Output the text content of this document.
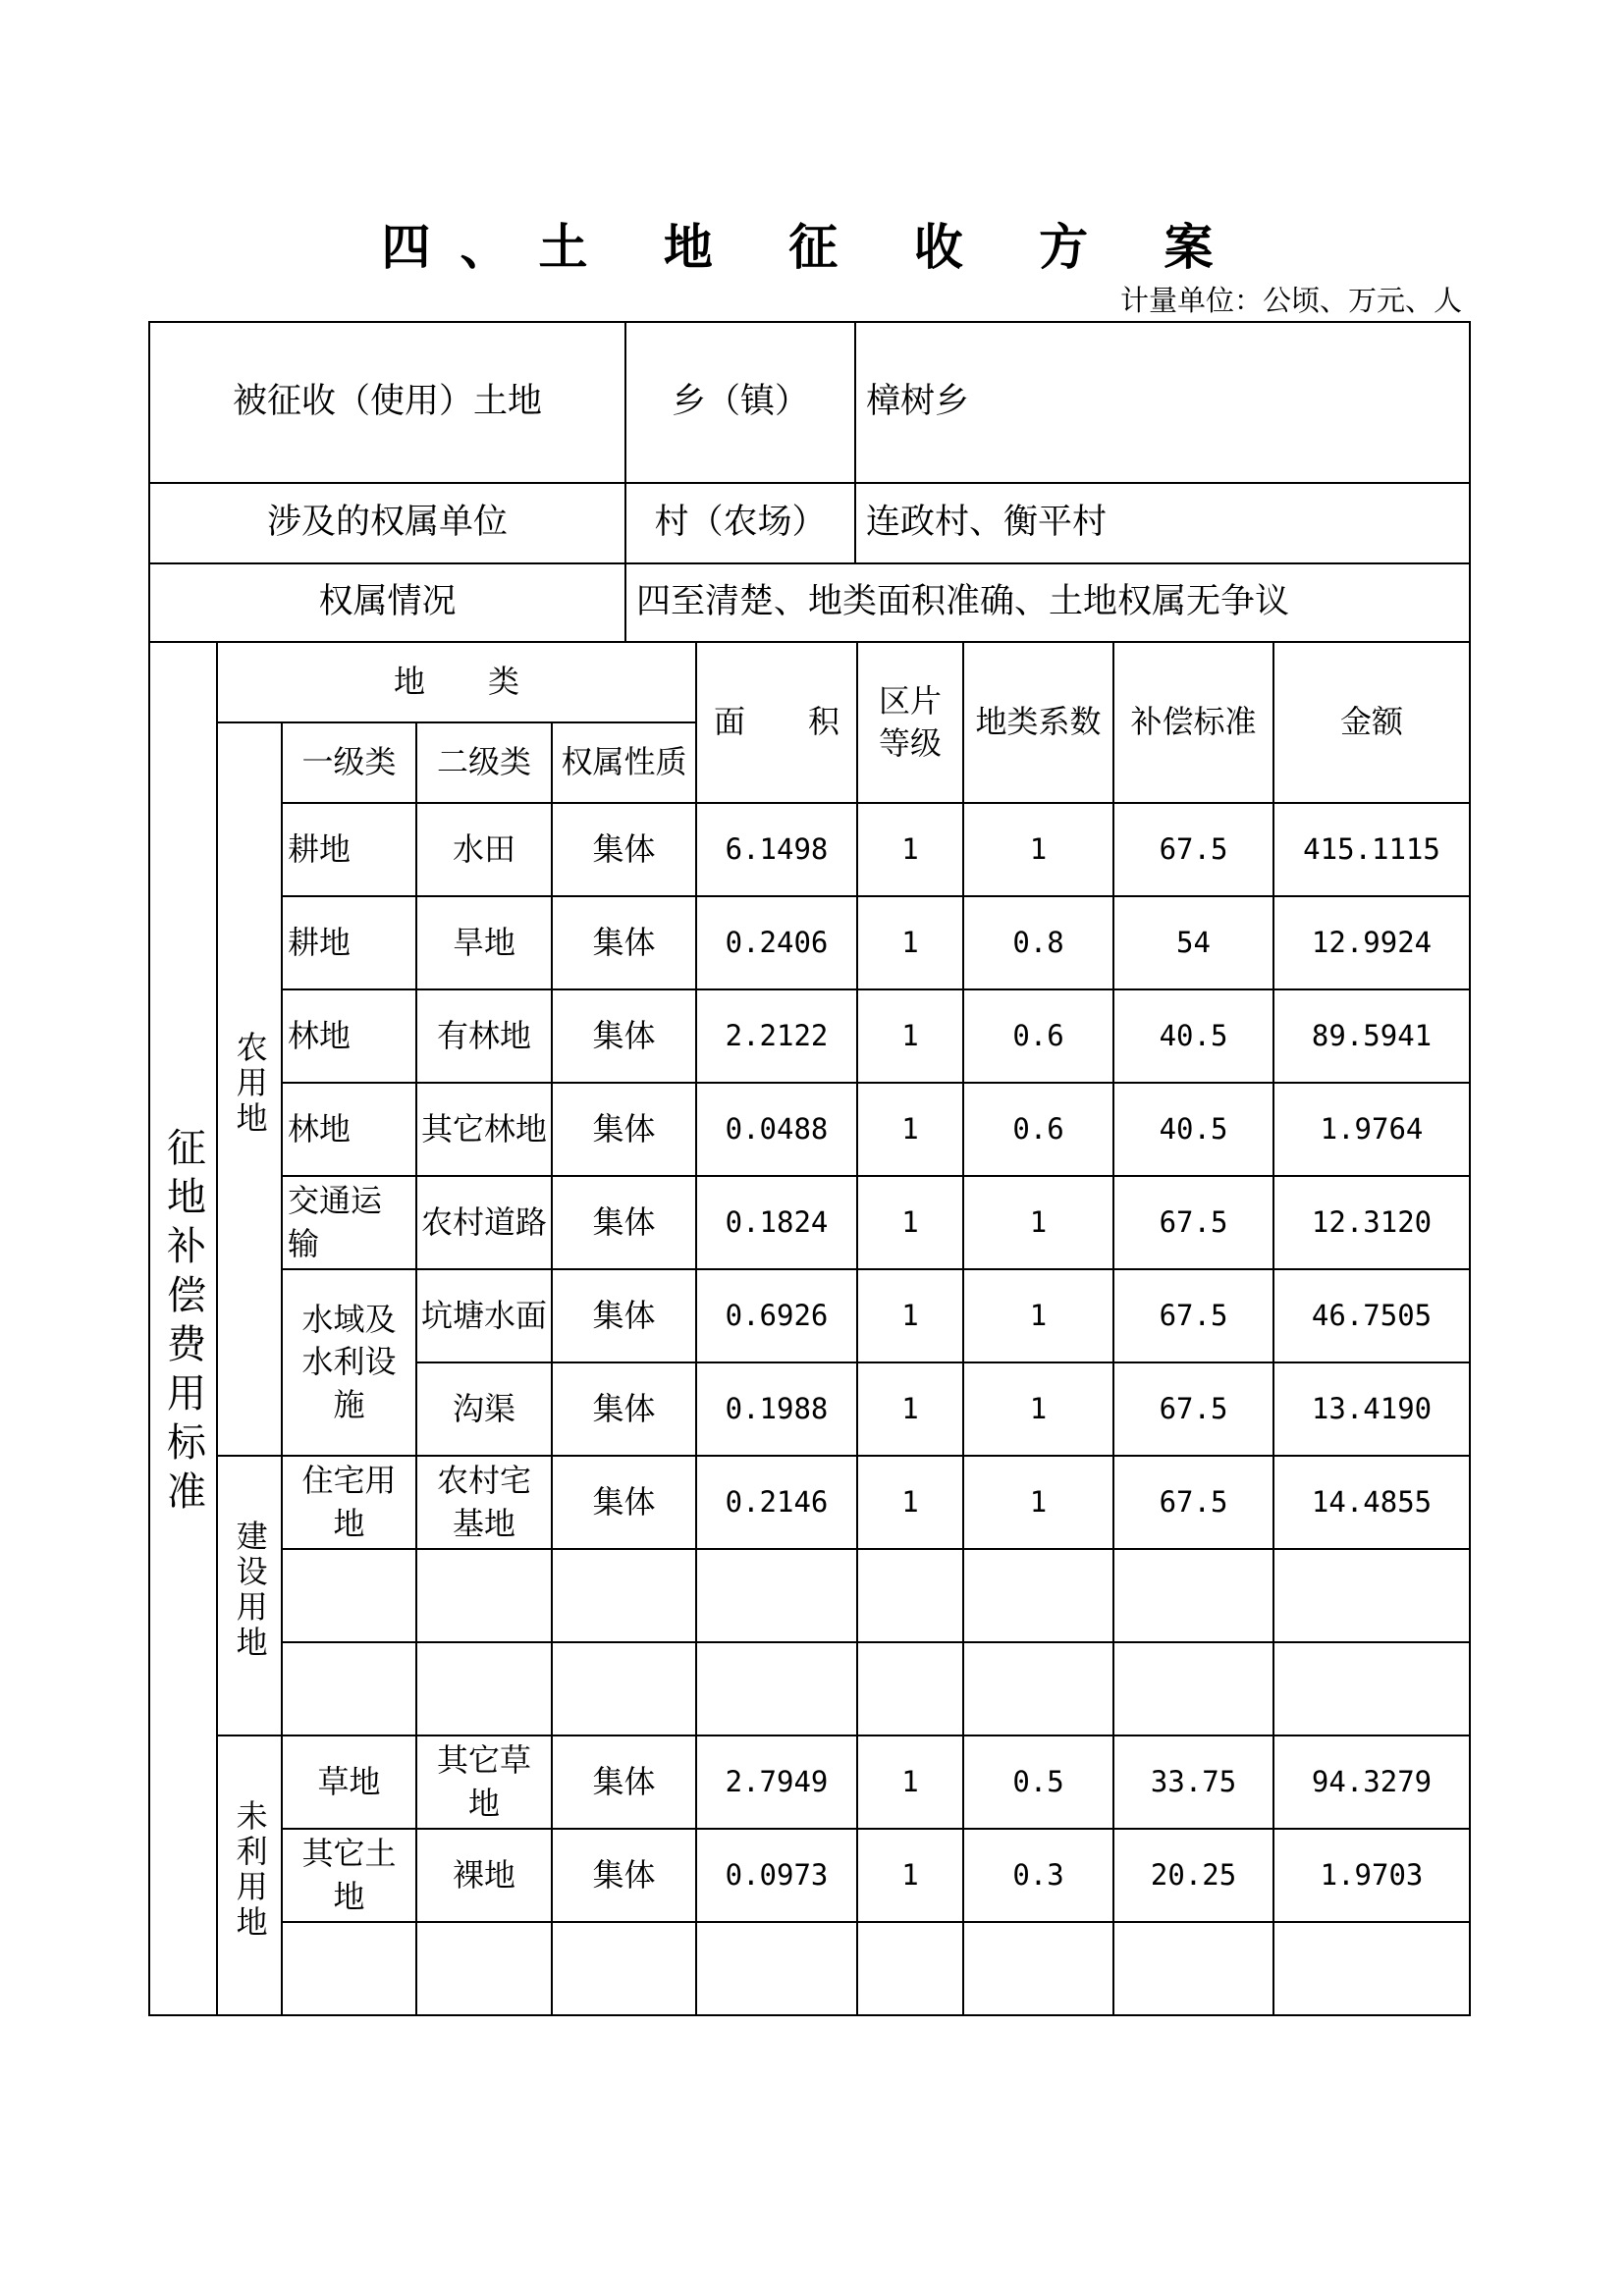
四、土 地 征 收 方 案
计量单位：公顷、万元、人
被征收（使用）土地	乡（镇）	樟树乡
涉及的权属单位	村（农场）	连政村、衡平村
权属情况	四至清楚、地类面积准确、土地权属无争议	
征地补偿费用标准	地　　类				面　　积	区片等级	地类系数	补偿标准	金额
	农用地	一级类	二级类	权属性质					
		耕地	水田	集体	6.1498	1	1	67.5	415.1115
		耕地	旱地	集体	0.2406	1	0.8	54	12.9924
		林地	有林地	集体	2.2122	1	0.6	40.5	89.5941
		林地	其它林地	集体	0.0488	1	0.6	40.5	1.9764
		交通运输	农村道路	集体	0.1824	1	1	67.5	12.3120
		水域及水利设施	坑塘水面	集体	0.6926	1	1	67.5	46.7505
			沟渠	集体	0.1988	1	1	67.5	13.4190
	建设用地	住宅用地	农村宅基地	集体	0.2146	1	1	67.5	14.4855

	未利用地	草地	其它草地	集体	2.7949	1	0.5	33.75	94.3279
		其它土地	裸地	集体	0.0973	1	0.3	20.25	1.9703
